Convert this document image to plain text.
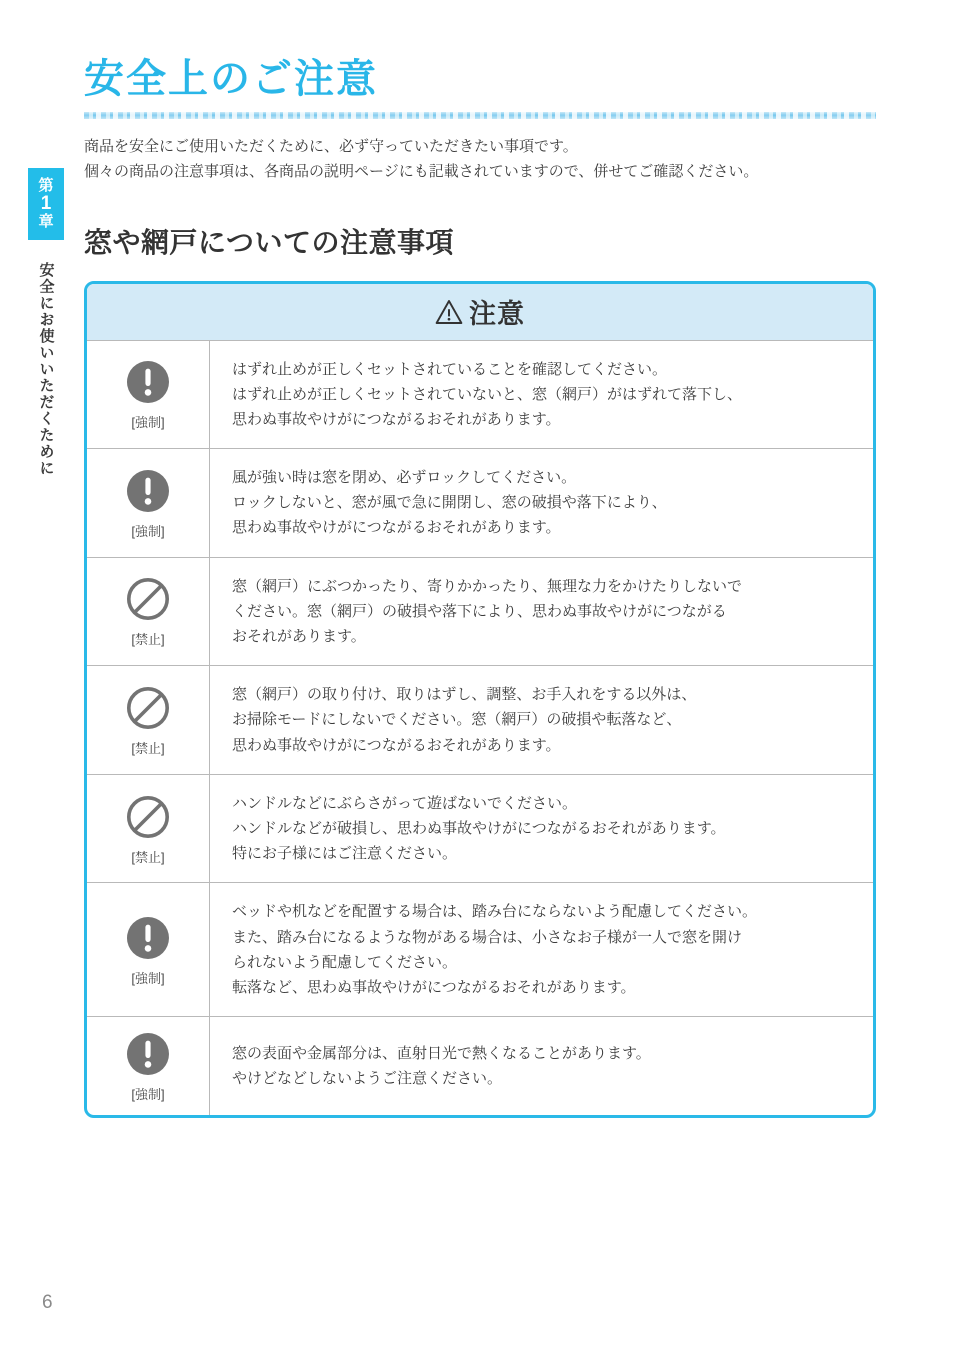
第
1
章
安全にお使いいただくために
安全上のご注意
商品を安全にご使用いただくために、必ず守っていただきたい事項です。
個々の商品の注意事項は、各商品の説明ページにも記載されていますので、併せてご確認ください。
窓や網戸についての注意事項
注意
[強制]
はずれ止めが正しくセットされていることを確認してください。
はずれ止めが正しくセットされていないと、窓（網戸）がはずれて落下し、
思わぬ事故やけがにつながるおそれがあります。
[強制]
風が強い時は窓を閉め、必ずロックしてください。
ロックしないと、窓が風で急に開閉し、窓の破損や落下により、
思わぬ事故やけがにつながるおそれがあります。
[禁止]
窓（網戸）にぶつかったり、寄りかかったり、無理な力をかけたりしないで
ください。窓（網戸）の破損や落下により、思わぬ事故やけがにつながる
おそれがあります。
[禁止]
窓（網戸）の取り付け、取りはずし、調整、お手入れをする以外は、
お掃除モードにしないでください。窓（網戸）の破損や転落など、
思わぬ事故やけがにつながるおそれがあります。
[禁止]
ハンドルなどにぶらさがって遊ばないでください。
ハンドルなどが破損し、思わぬ事故やけがにつながるおそれがあります。
特にお子様にはご注意ください。
[強制]
ベッドや机などを配置する場合は、踏み台にならないよう配慮してください。
また、踏み台になるような物がある場合は、小さなお子様が一人で窓を開け
られないよう配慮してください。
転落など、思わぬ事故やけがにつながるおそれがあります。
[強制]
窓の表面や金属部分は、直射日光で熱くなることがあります。
やけどなどしないようご注意ください。
6
